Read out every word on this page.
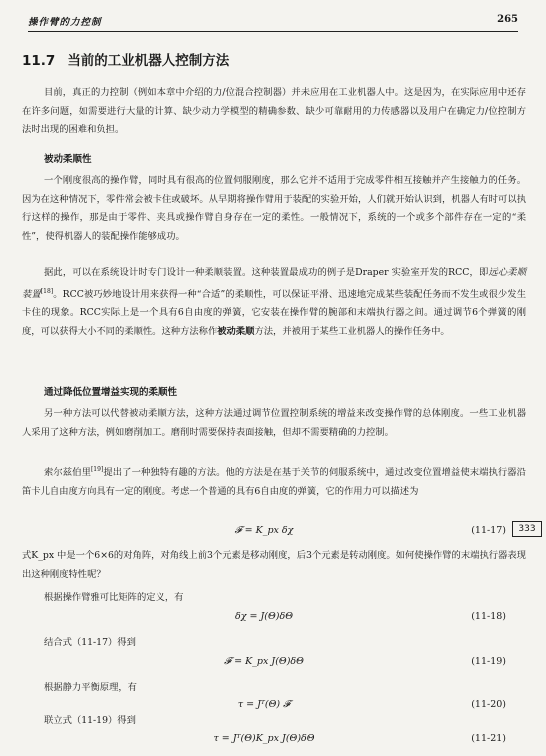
操作臂的力控制	265
11.7 当前的工业机器人控制方法

目前，真正的力控制（例如本章中介绍的力/位混合控制器）并未应用在工业机器人中。这是因为，在实际应用中还存在许多问题，如需要进行大量的计算、缺少动力学模型的精确参数、缺少可靠耐用的力传感器以及用户在确定力/位控制方法时出现的困难和负担。

被动柔顺性

一个刚度很高的操作臂，同时具有很高的位置伺服刚度，那么它并不适用于完成零件相互接触并产生接触力的任务。因为在这种情况下，零件常会被卡住或破坏。从早期将操作臂用于装配的实验开始，人们就开始认识到，机器人有时可以执行这样的操作，那是由于零件、夹具或操作臂自身存在一定的柔性。一般情况下，系统的一个或多个部件存在一定的“柔性”，使得机器人的装配操作能够成功。

据此，可以在系统设计时专门设计一种柔顺装置。这种装置最成功的例子是Draper 实验室开发的RCC，即远心柔顺装置[18]。RCC被巧妙地设计用来获得一种“合适”的柔顺性，可以保证平滑、迅速地完成某些装配任务而不发生或很少发生卡住的现象。RCC实际上是一个具有6自由度的弹簧，它安装在操作臂的腕部和末端执行器之间。通过调节6个弹簧的刚度，可以获得大小不同的柔顺性。这种方法称作被动柔顺方法，并被用于某些工业机器人的操作任务中。

通过降低位置增益实现的柔顺性

另一种方法可以代替被动柔顺方法，这种方法通过调节位置控制系统的增益来改变操作臂的总体刚度。一些工业机器人采用了这种方法，例如磨削加工。磨削时需要保持表面接触，但却不需要精确的力控制。

索尔兹伯里[19]提出了一种独特有趣的方法。他的方法是在基于关节的伺服系统中，通过改变位置增益使末端执行器沿笛卡儿自由度方向具有一定的刚度。考虑一个普通的具有6自由度的弹簧，它的作用力可以描述为

𝓕 = K_px δχ	(11-17)	333

式K_px 中是一个6×6的对角阵，对角线上前3个元素是移动刚度，后3个元素是转动刚度。如何使操作臂的末端执行器表现出这种刚度特性呢？

根据操作臂雅可比矩阵的定义，有
δχ = J(Θ)δΘ	(11-18)
结合式（11-17）得到
𝓕 = K_px J(Θ)δΘ	(11-19)
根据静力平衡原理，有
τ = Jᵀ(Θ) 𝓕	(11-20)
联立式（11-19）得到
τ = Jᵀ(Θ)K_px J(Θ)δΘ	(11-21)
